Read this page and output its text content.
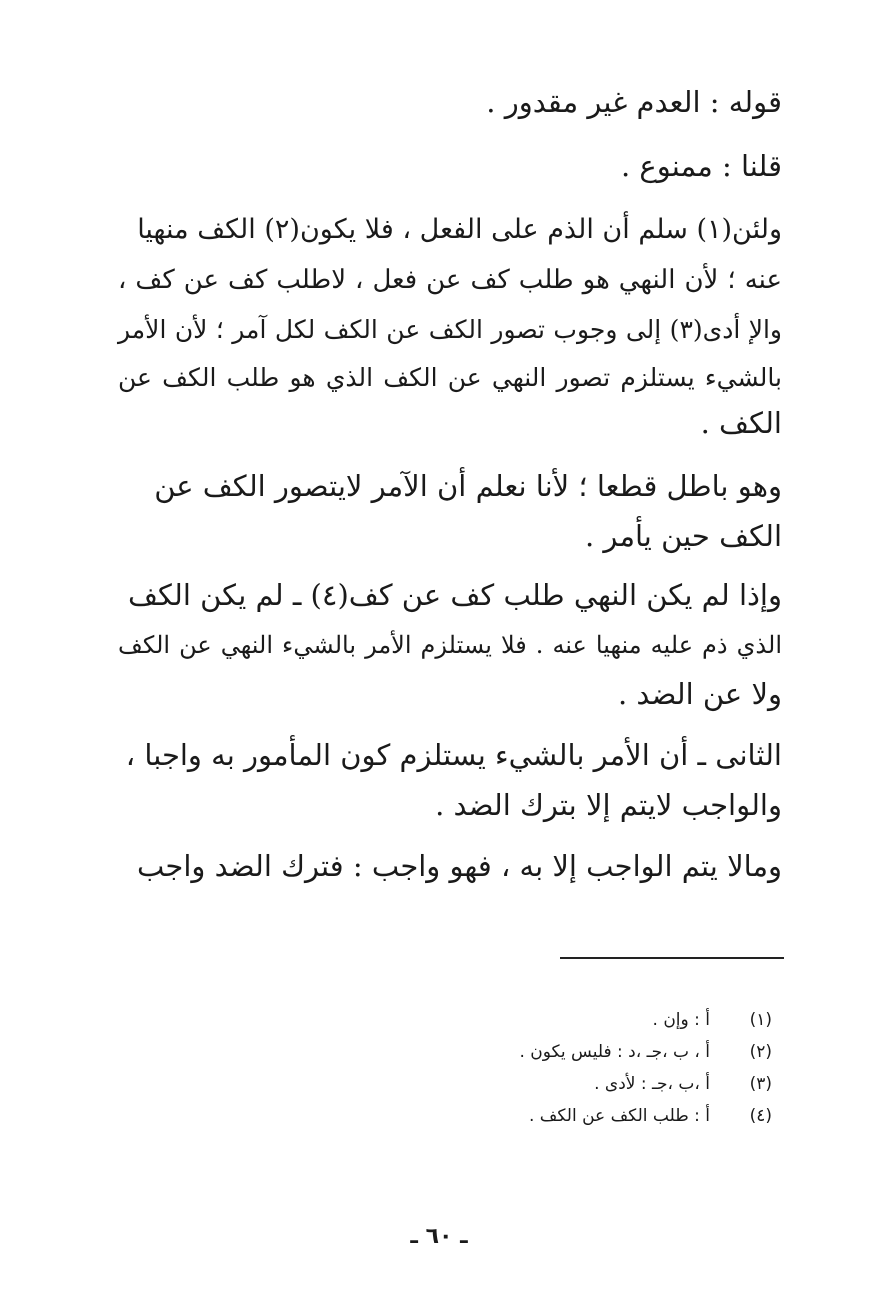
قوله : العدم غير مقدور .
قلنا : ممنوع .
ولئن(١) سلم أن الذم على الفعل ، فلا يكون(٢) الكف منهيا
عنه ؛ لأن النهي هو طلب كف عن فعل ، لاطلب كف عن كف ،
والإ أدى(٣) إلى وجوب تصور الكف عن الكف لكل آمر ؛ لأن الأمر
بالشيء يستلزم تصور النهي عن الكف الذي هو طلب الكف عن
الكف .
وهو باطل قطعا ؛ لأنا نعلم أن الآمر لايتصور الكف عن
الكف حين يأمر .
وإذا لم يكن النهي طلب كف عن كف(٤) ـ لم يكن الكف
الذي ذم عليه منهيا عنه . فلا يستلزم الأمر بالشيء النهي عن الكف
ولا عن الضد .
الثانى ـ أن الأمر بالشيء يستلزم كون المأمور به واجبا ،
والواجب لايتم إلا بترك الضد .
ومالا يتم الواجب إلا به ، فهو واجب : فترك الضد واجب
(١)
أ : وإن .
(٢)
أ ، ب ،جـ ،د : فليس يكون .
(٣)
أ ،ب ،جـ : لأدى .
(٤)
أ : طلب الكف عن الكف .
ـ ٦٠ ـ
